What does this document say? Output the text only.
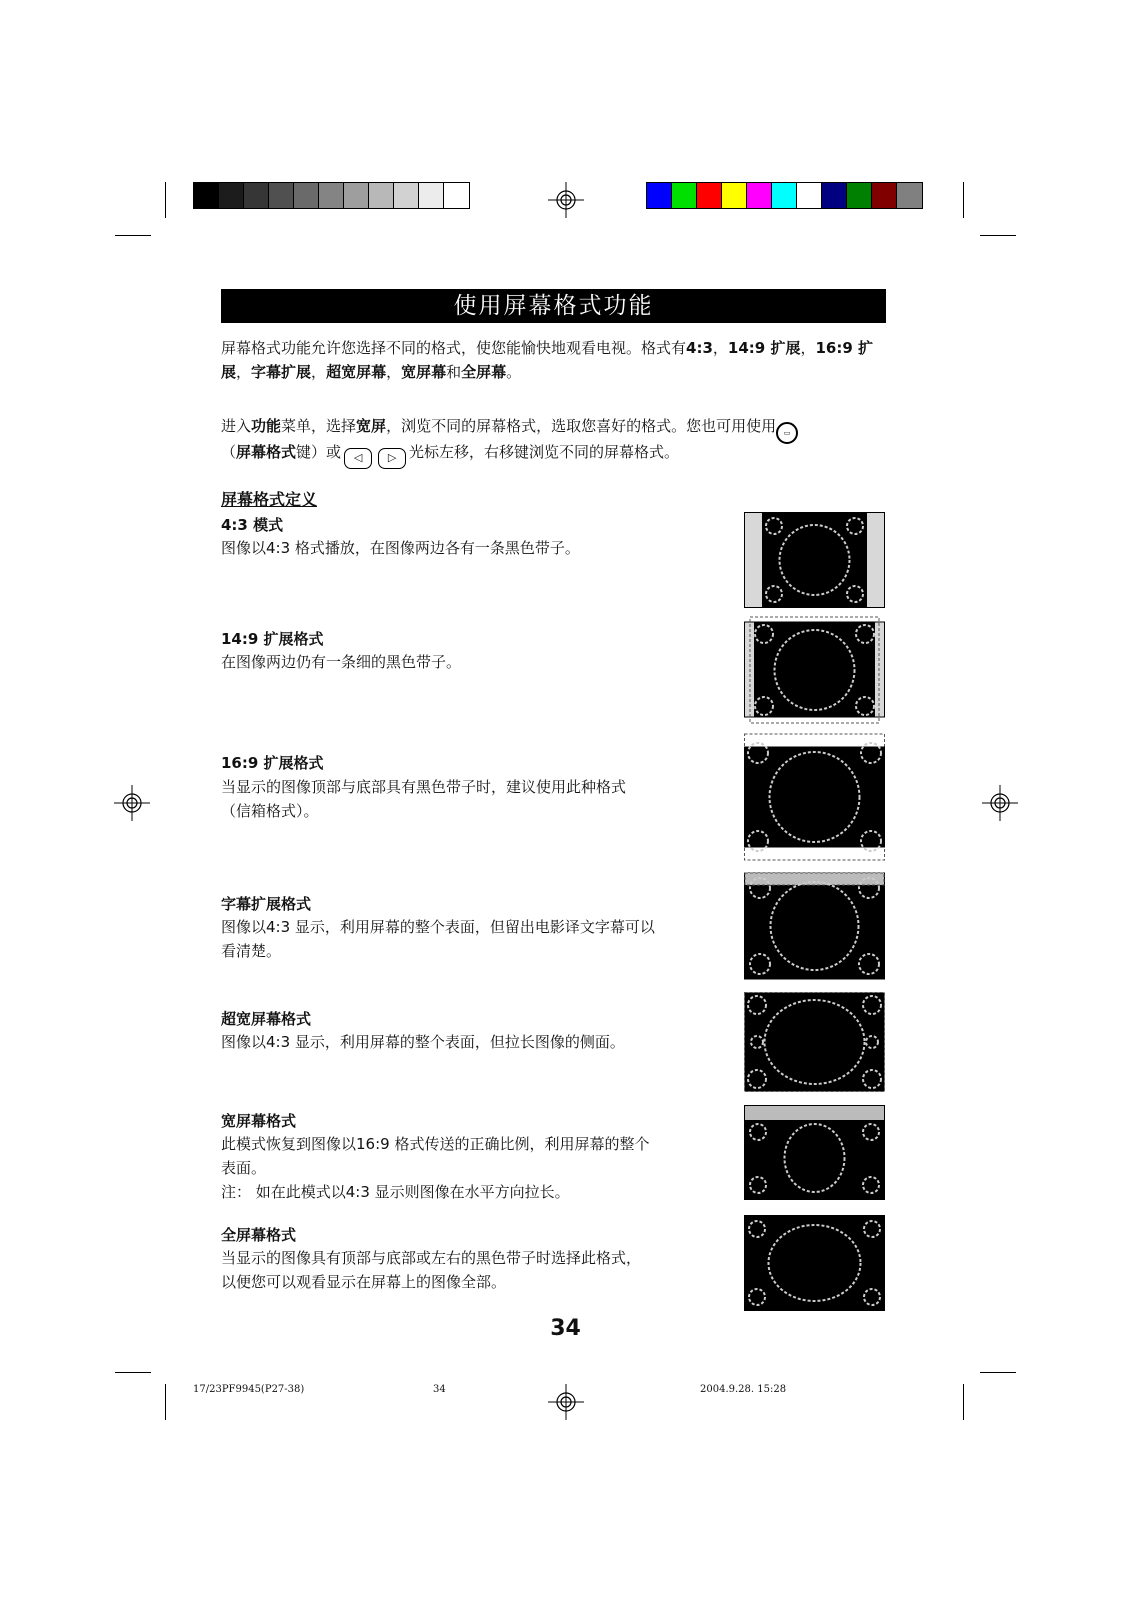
使用屏幕格式功能
屏幕格式功能允许您选择不同的格式，使您能愉快地观看电视。格式有4:3，14:9 扩展，16:9 扩展，字幕扩展，超宽屏幕，宽屏幕和全屏幕。
进入功能菜单，选择宽屏，浏览不同的屏幕格式，选取您喜好的格式。您也可用使用 ▭
（屏幕格式键）或 ◁ ▷ 光标左移，右移键浏览不同的屏幕格式。
屏幕格式定义
4:3 模式
图像以4:3 格式播放，在图像两边各有一条黑色带子。
14:9 扩展格式
在图像两边仍有一条细的黑色带子。
16:9 扩展格式
当显示的图像顶部与底部具有黑色带子时，建议使用此种格式
（信箱格式）。
字幕扩展格式
图像以4:3 显示，利用屏幕的整个表面，但留出电影译文字幕可以
看清楚。
超宽屏幕格式
图像以4:3 显示，利用屏幕的整个表面，但拉长图像的侧面。
宽屏幕格式
此模式恢复到图像以16:9 格式传送的正确比例，利用屏幕的整个
表面。
注： 如在此模式以4:3 显示则图像在水平方向拉长。
全屏幕格式
当显示的图像具有顶部与底部或左右的黑色带子时选择此格式，
以便您可以观看显示在屏幕上的图像全部。
34
17/23PF9945(P27-38)	34	2004.9.28. 15:28
